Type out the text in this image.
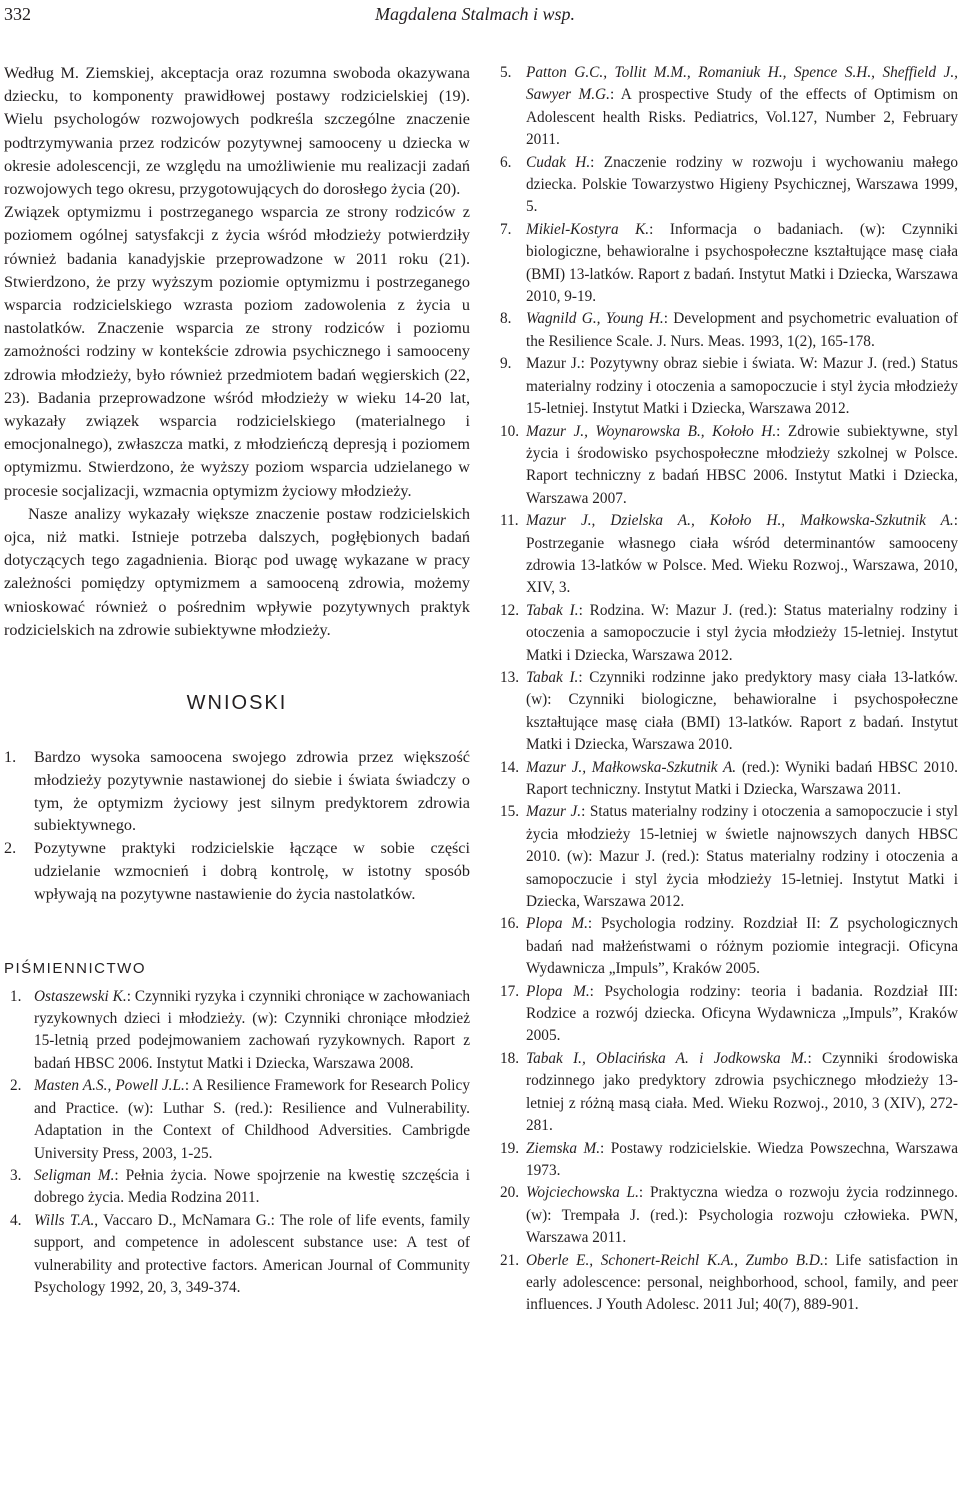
332	Magdalena Stalmach i wsp.

Według M. Ziemskiej, akceptacja oraz rozumna swoboda okazywana dziecku, to komponenty prawidłowej postawy rodzicielskiej (19). Wielu psychologów rozwojowych podkreśla szczególne znaczenie podtrzymywania przez rodziców pozytywnej samooceny u dziecka w okresie adolescencji, ze względu na umożliwienie mu realizacji zadań rozwojowych tego okresu, przygotowujących do dorosłego życia (20).

Związek optymizmu i postrzeganego wsparcia ze strony rodziców z poziomem ogólnej satysfakcji z życia wśród młodzieży potwierdziły również badania kanadyjskie przeprowadzone w 2011 roku (21). Stwierdzono, że przy wyższym poziomie optymizmu i postrzeganego wsparcia rodzicielskiego wzrasta poziom zadowolenia z życia u nastolatków. Znaczenie wsparcia ze strony rodziców i poziomu zamożności rodziny w kontekście zdrowia psychicznego i samooceny zdrowia młodzieży, było również przedmiotem badań węgierskich (22, 23). Badania przeprowadzone wśród młodzieży w wieku 14-20 lat, wykazały związek wsparcia rodzicielskiego (materialnego i emocjonalnego), zwłaszcza matki, z młodzieńczą depresją i poziomem optymizmu. Stwierdzono, że wyższy poziom wsparcia udzielanego w procesie socjalizacji, wzmacnia optymizm życiowy młodzieży.

Nasze analizy wykazały większe znaczenie postaw rodzicielskich ojca, niż matki. Istnieje potrzeba dalszych, pogłębionych badań dotyczących tego zagadnienia. Biorąc pod uwagę wykazane w pracy zależności pomiędzy optymizmem a samooceną zdrowia, możemy wnioskować również o pośrednim wpływie pozytywnych praktyk rodzicielskich na zdrowie subiektywne młodzieży.

WNIOSKI
1. Bardzo wysoka samoocena swojego zdrowia przez większość młodzieży pozytywnie nastawionej do siebie i świata świadczy o tym, że optymizm życiowy jest silnym predyktorem zdrowia subiektywnego.
2. Pozytywne praktyki rodzicielskie łączące w sobie części udzielanie wzmocnień i dobrą kontrolę, w istotny sposób wpływają na pozytywne nastawienie do życia nastolatków.
PIŚMIENNICTWO
1. Ostaszewski K.: Czynniki ryzyka i czynniki chroniące w zachowaniach ryzykownych dzieci i młodzieży. (w): Czynniki chroniące młodzież 15-letnią przed podejmowaniem zachowań ryzykownych. Raport z badań HBSC 2006. Instytut Matki i Dziecka, Warszawa 2008.
2. Masten A.S., Powell J.L.: A Resilience Framework for Research Policy and Practice. (w): Luthar S. (red.): Resilience and Vulnerability. Adaptation in the Context of Childhood Adversities. Cambrigde University Press, 2003, 1-25.
3. Seligman M.: Pełnia życia. Nowe spojrzenie na kwestię szczęścia i dobrego życia. Media Rodzina 2011.
4. Wills T.A., Vaccaro D., McNamara G.: The role of life events, family support, and competence in adolescent substance use: A test of vulnerability and protective factors. American Journal of Community Psychology 1992, 20, 3, 349-374.
5. Patton G.C., Tollit M.M., Romaniuk H., Spence S.H., Sheffield J., Sawyer M.G.: A prospective Study of the effects of Optimism on Adolescent health Risks. Pediatrics, Vol.127, Number 2, February 2011.
6. Cudak H.: Znaczenie rodziny w rozwoju i wychowaniu małego dziecka. Polskie Towarzystwo Higieny Psychicznej, Warszawa 1999, 5.
7. Mikiel-Kostyra K.: Informacja o badaniach. (w): Czynniki biologiczne, behawioralne i psychospołeczne kształtujące masę ciała (BMI) 13-latków. Raport z badań. Instytut Matki i Dziecka, Warszawa 2010, 9-19.
8. Wagnild G., Young H.: Development and psychometric evaluation of the Resilience Scale. J. Nurs. Meas. 1993, 1(2), 165-178.
9. Mazur J.: Pozytywny obraz siebie i świata. W: Mazur J. (red.) Status materialny rodziny i otoczenia a samopoczucie i styl życia młodzieży 15-letniej. Instytut Matki i Dziecka, Warszawa 2012.
10. Mazur J., Woynarowska B., Kołoło H.: Zdrowie subiektywne, styl życia i środowisko psychospołeczne młodzieży szkolnej w Polsce. Raport techniczny z badań HBSC 2006. Instytut Matki i Dziecka, Warszawa 2007.
11. Mazur J., Dzielska A., Kołoło H., Małkowska-Szkutnik A.: Postrzeganie własnego ciała wśród determinantów samooceny zdrowia 13-latków w Polsce. Med. Wieku Rozwoj., Warszawa, 2010, XIV, 3.
12. Tabak I.: Rodzina. W: Mazur J. (red.): Status materialny rodziny i otoczenia a samopoczucie i styl życia młodzieży 15-letniej. Instytut Matki i Dziecka, Warszawa 2012.
13. Tabak I.: Czynniki rodzinne jako predyktory masy ciała 13-latków. (w): Czynniki biologiczne, behawioralne i psychospołeczne kształtujące masę ciała (BMI) 13-latków. Raport z badań. Instytut Matki i Dziecka, Warszawa 2010.
14. Mazur J., Małkowska-Szkutnik A. (red.): Wyniki badań HBSC 2010. Raport techniczny. Instytut Matki i Dziecka, Warszawa 2011.
15. Mazur J.: Status materialny rodziny i otoczenia a samopoczucie i styl życia młodzieży 15-letniej w świetle najnowszych danych HBSC 2010. (w): Mazur J. (red.): Status materialny rodziny i otoczenia a samopoczucie i styl życia młodzieży 15-letniej. Instytut Matki i Dziecka, Warszawa 2012.
16. Plopa M.: Psychologia rodziny. Rozdział II: Z psychologicznych badań nad małżeństwami o różnym poziomie integracji. Oficyna Wydawnicza „Impuls”, Kraków 2005.
17. Plopa M.: Psychologia rodziny: teoria i badania. Rozdział III: Rodzice a rozwój dziecka. Oficyna Wydawnicza „Impuls”, Kraków 2005.
18. Tabak I., Oblacińska A. i Jodkowska M.: Czynniki środowiska rodzinnego jako predyktory zdrowia psychicznego młodzieży 13-letniej z różną masą ciała. Med. Wieku Rozwoj., 2010, 3 (XIV), 272-281.
19. Ziemska M.: Postawy rodzicielskie. Wiedza Powszechna, Warszawa 1973.
20. Wojciechowska L.: Praktyczna wiedza o rozwoju życia rodzinnego. (w): Trempała J. (red.): Psychologia rozwoju człowieka. PWN, Warszawa 2011.
21. Oberle E., Schonert-Reichl K.A., Zumbo B.D.: Life satisfaction in early adolescence: personal, neighborhood, school, family, and peer influences. J Youth Adolesc. 2011 Jul; 40(7), 889-901.
